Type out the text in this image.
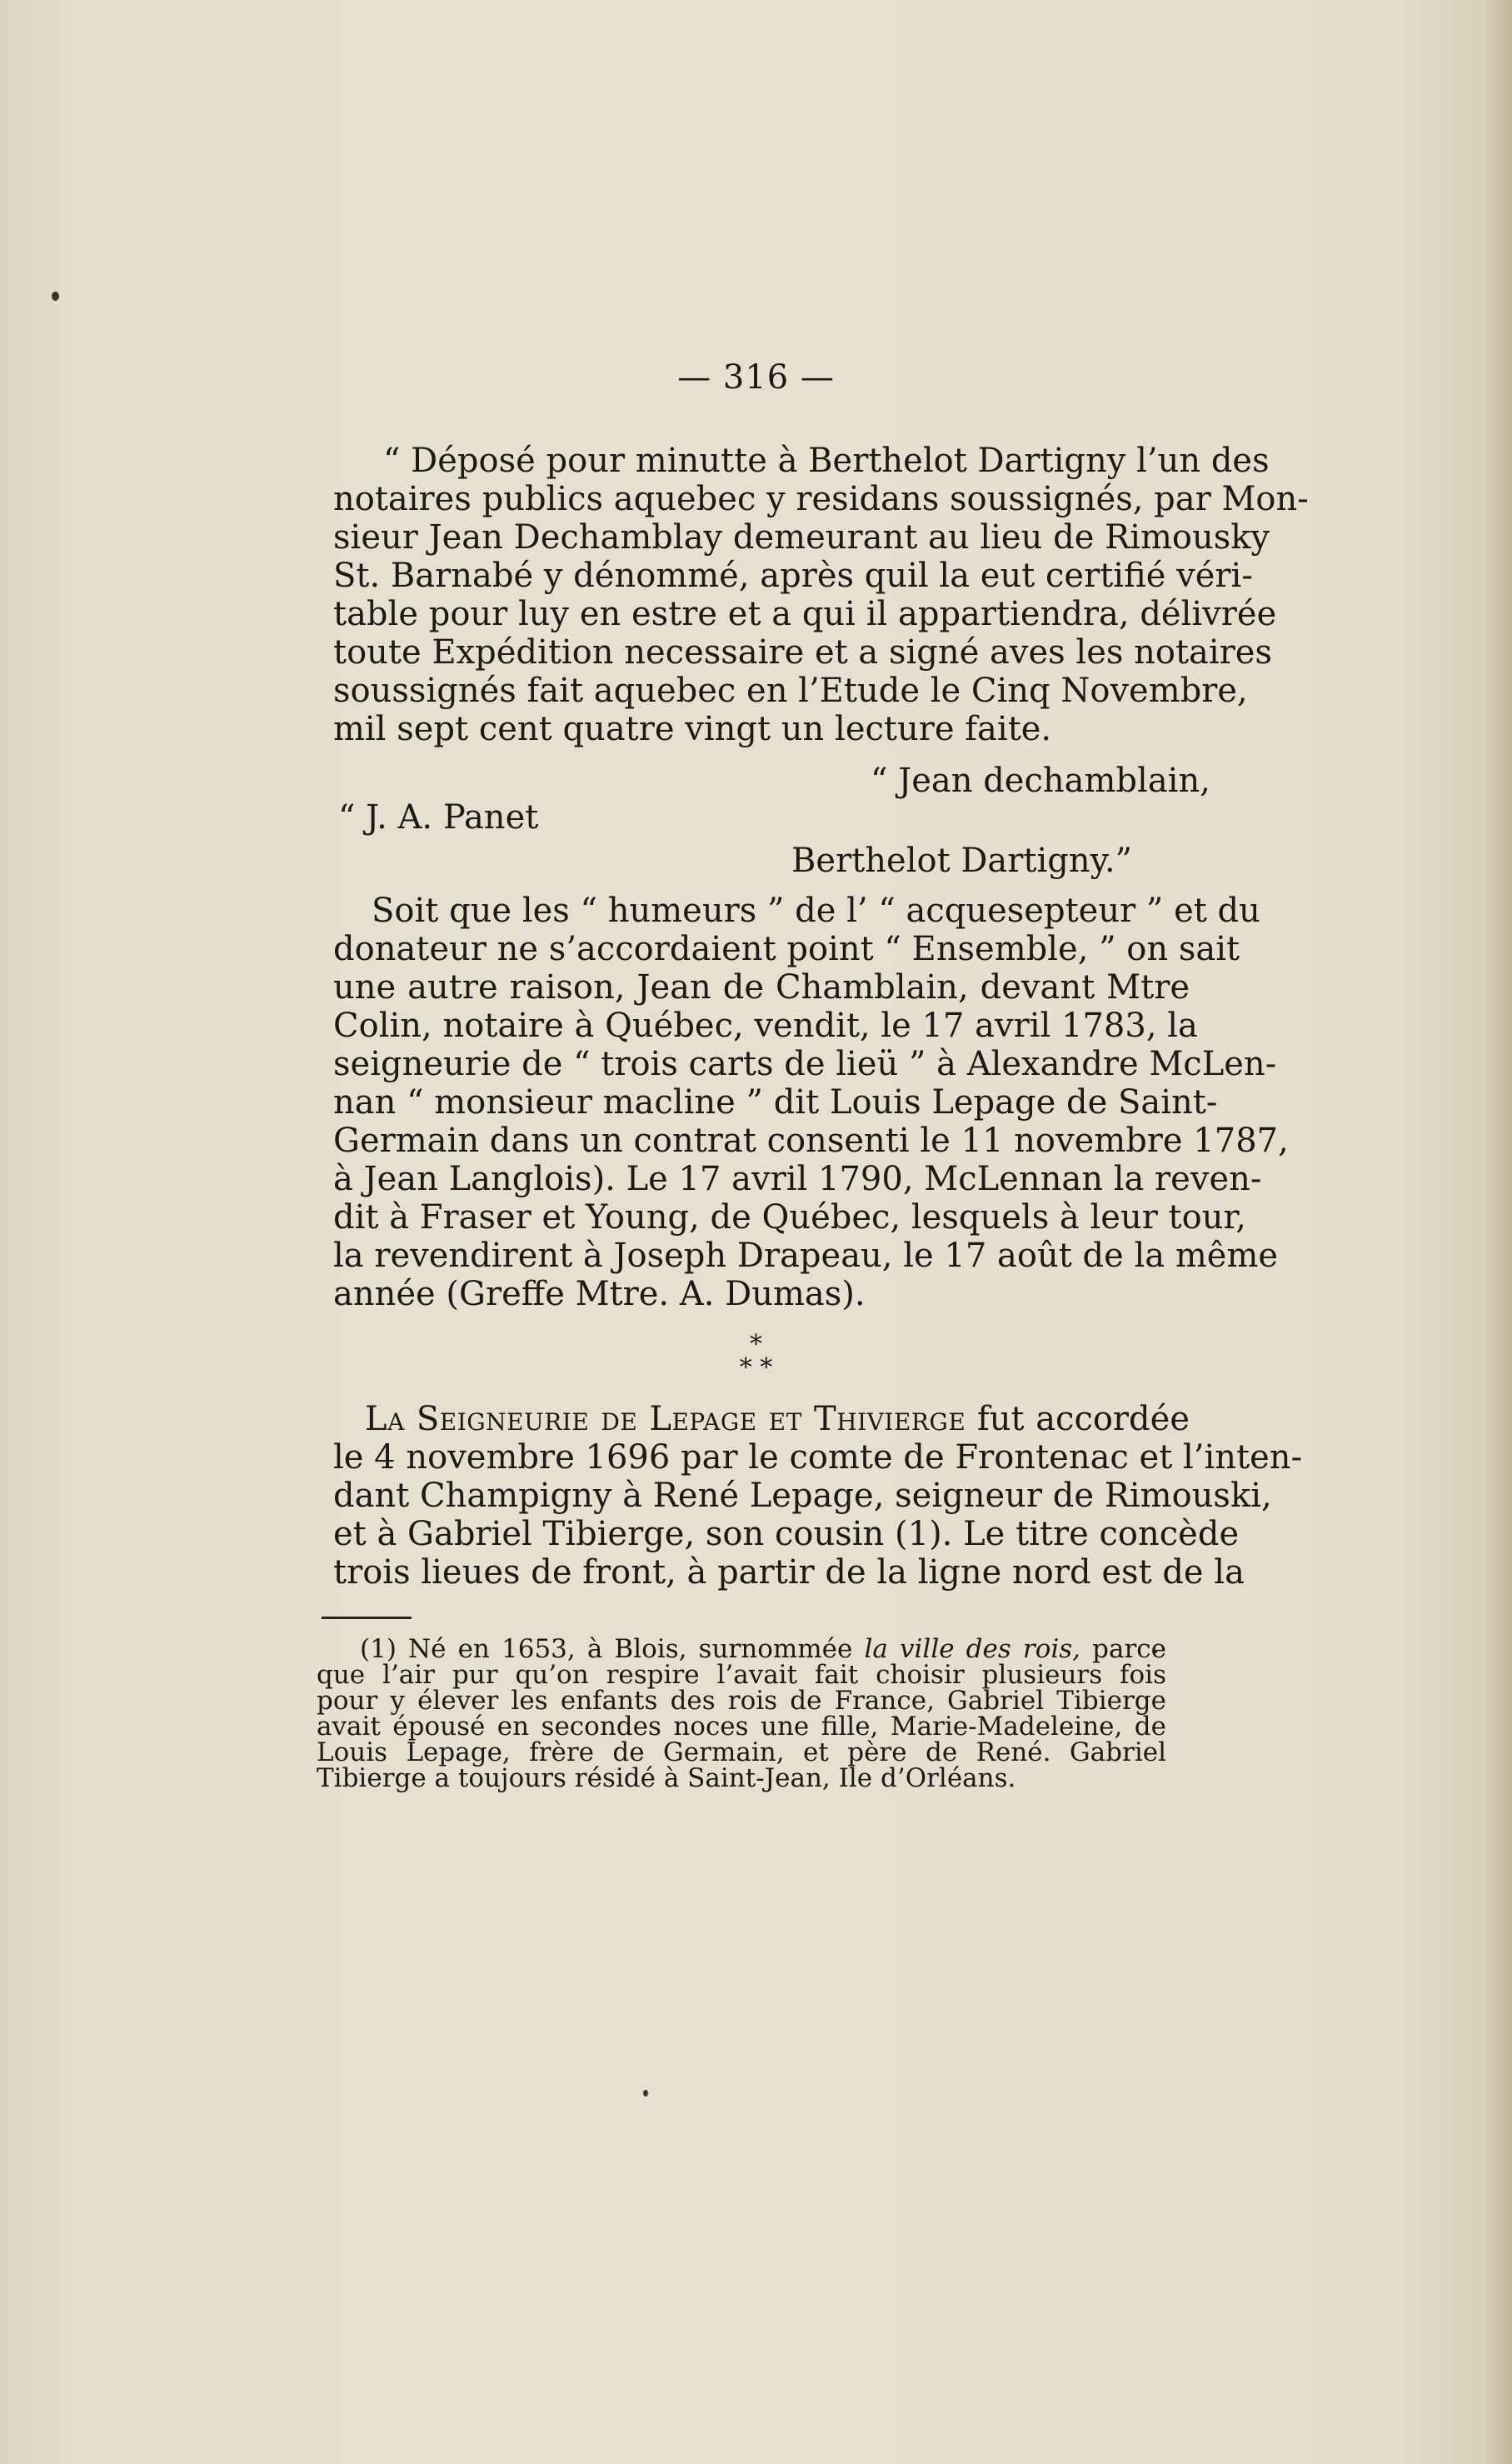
— 316 —
“ Déposé pour minutte à Berthelot Dartigny l’un des
notaires publics aquebec y residans soussignés, par Mon-
sieur Jean Dechamblay demeurant au lieu de Rimousky
St. Barnabé y dénommé, après quil la eut certifié véri-
table pour luy en estre et a qui il appartiendra, délivrée
toute Expédition necessaire et a signé aves les notaires
soussignés fait aquebec en l’Etude le Cinq Novembre,
mil sept cent quatre vingt un lecture faite.
“ Jean dechamblain,
“ J. A. Panet
Berthelot Dartigny.”
Soit que les “ humeurs ” de l’ “ acquesepteur ” et du
donateur ne s’accordaient point “ Ensemble, ” on sait
une autre raison, Jean de Chamblain, devant Mtre
Colin, notaire à Québec, vendit, le 17 avril 1783, la
seigneurie de “ trois carts de lieü ” à Alexandre McLen-
nan “ monsieur macline ” dit Louis Lepage de Saint-
Germain dans un contrat consenti le 11 novembre 1787,
à Jean Langlois). Le 17 avril 1790, McLennan la reven-
dit à Fraser et Young, de Québec, lesquels à leur tour,
la revendirent à Joseph Drapeau, le 17 août de la même
année (Greffe Mtre. A. Dumas).
*
* *
La Seigneurie de Lepage et Thivierge fut accordée
le 4 novembre 1696 par le comte de Frontenac et l’inten-
dant Champigny à René Lepage, seigneur de Rimouski,
et à Gabriel Tibierge, son cousin (1). Le titre concède
trois lieues de front, à partir de la ligne nord est de la
(1) Né en 1653, à Blois, surnommée la ville des rois, parce
que l’air pur qu’on respire l’avait fait choisir plusieurs fois
pour y élever les enfants des rois de France, Gabriel Tibierge
avait épousé en secondes noces une fille, Marie-Madeleine, de
Louis Lepage, frère de Germain, et père de René. Gabriel
Tibierge a toujours résidé à Saint-Jean, Ile d’Orléans.
